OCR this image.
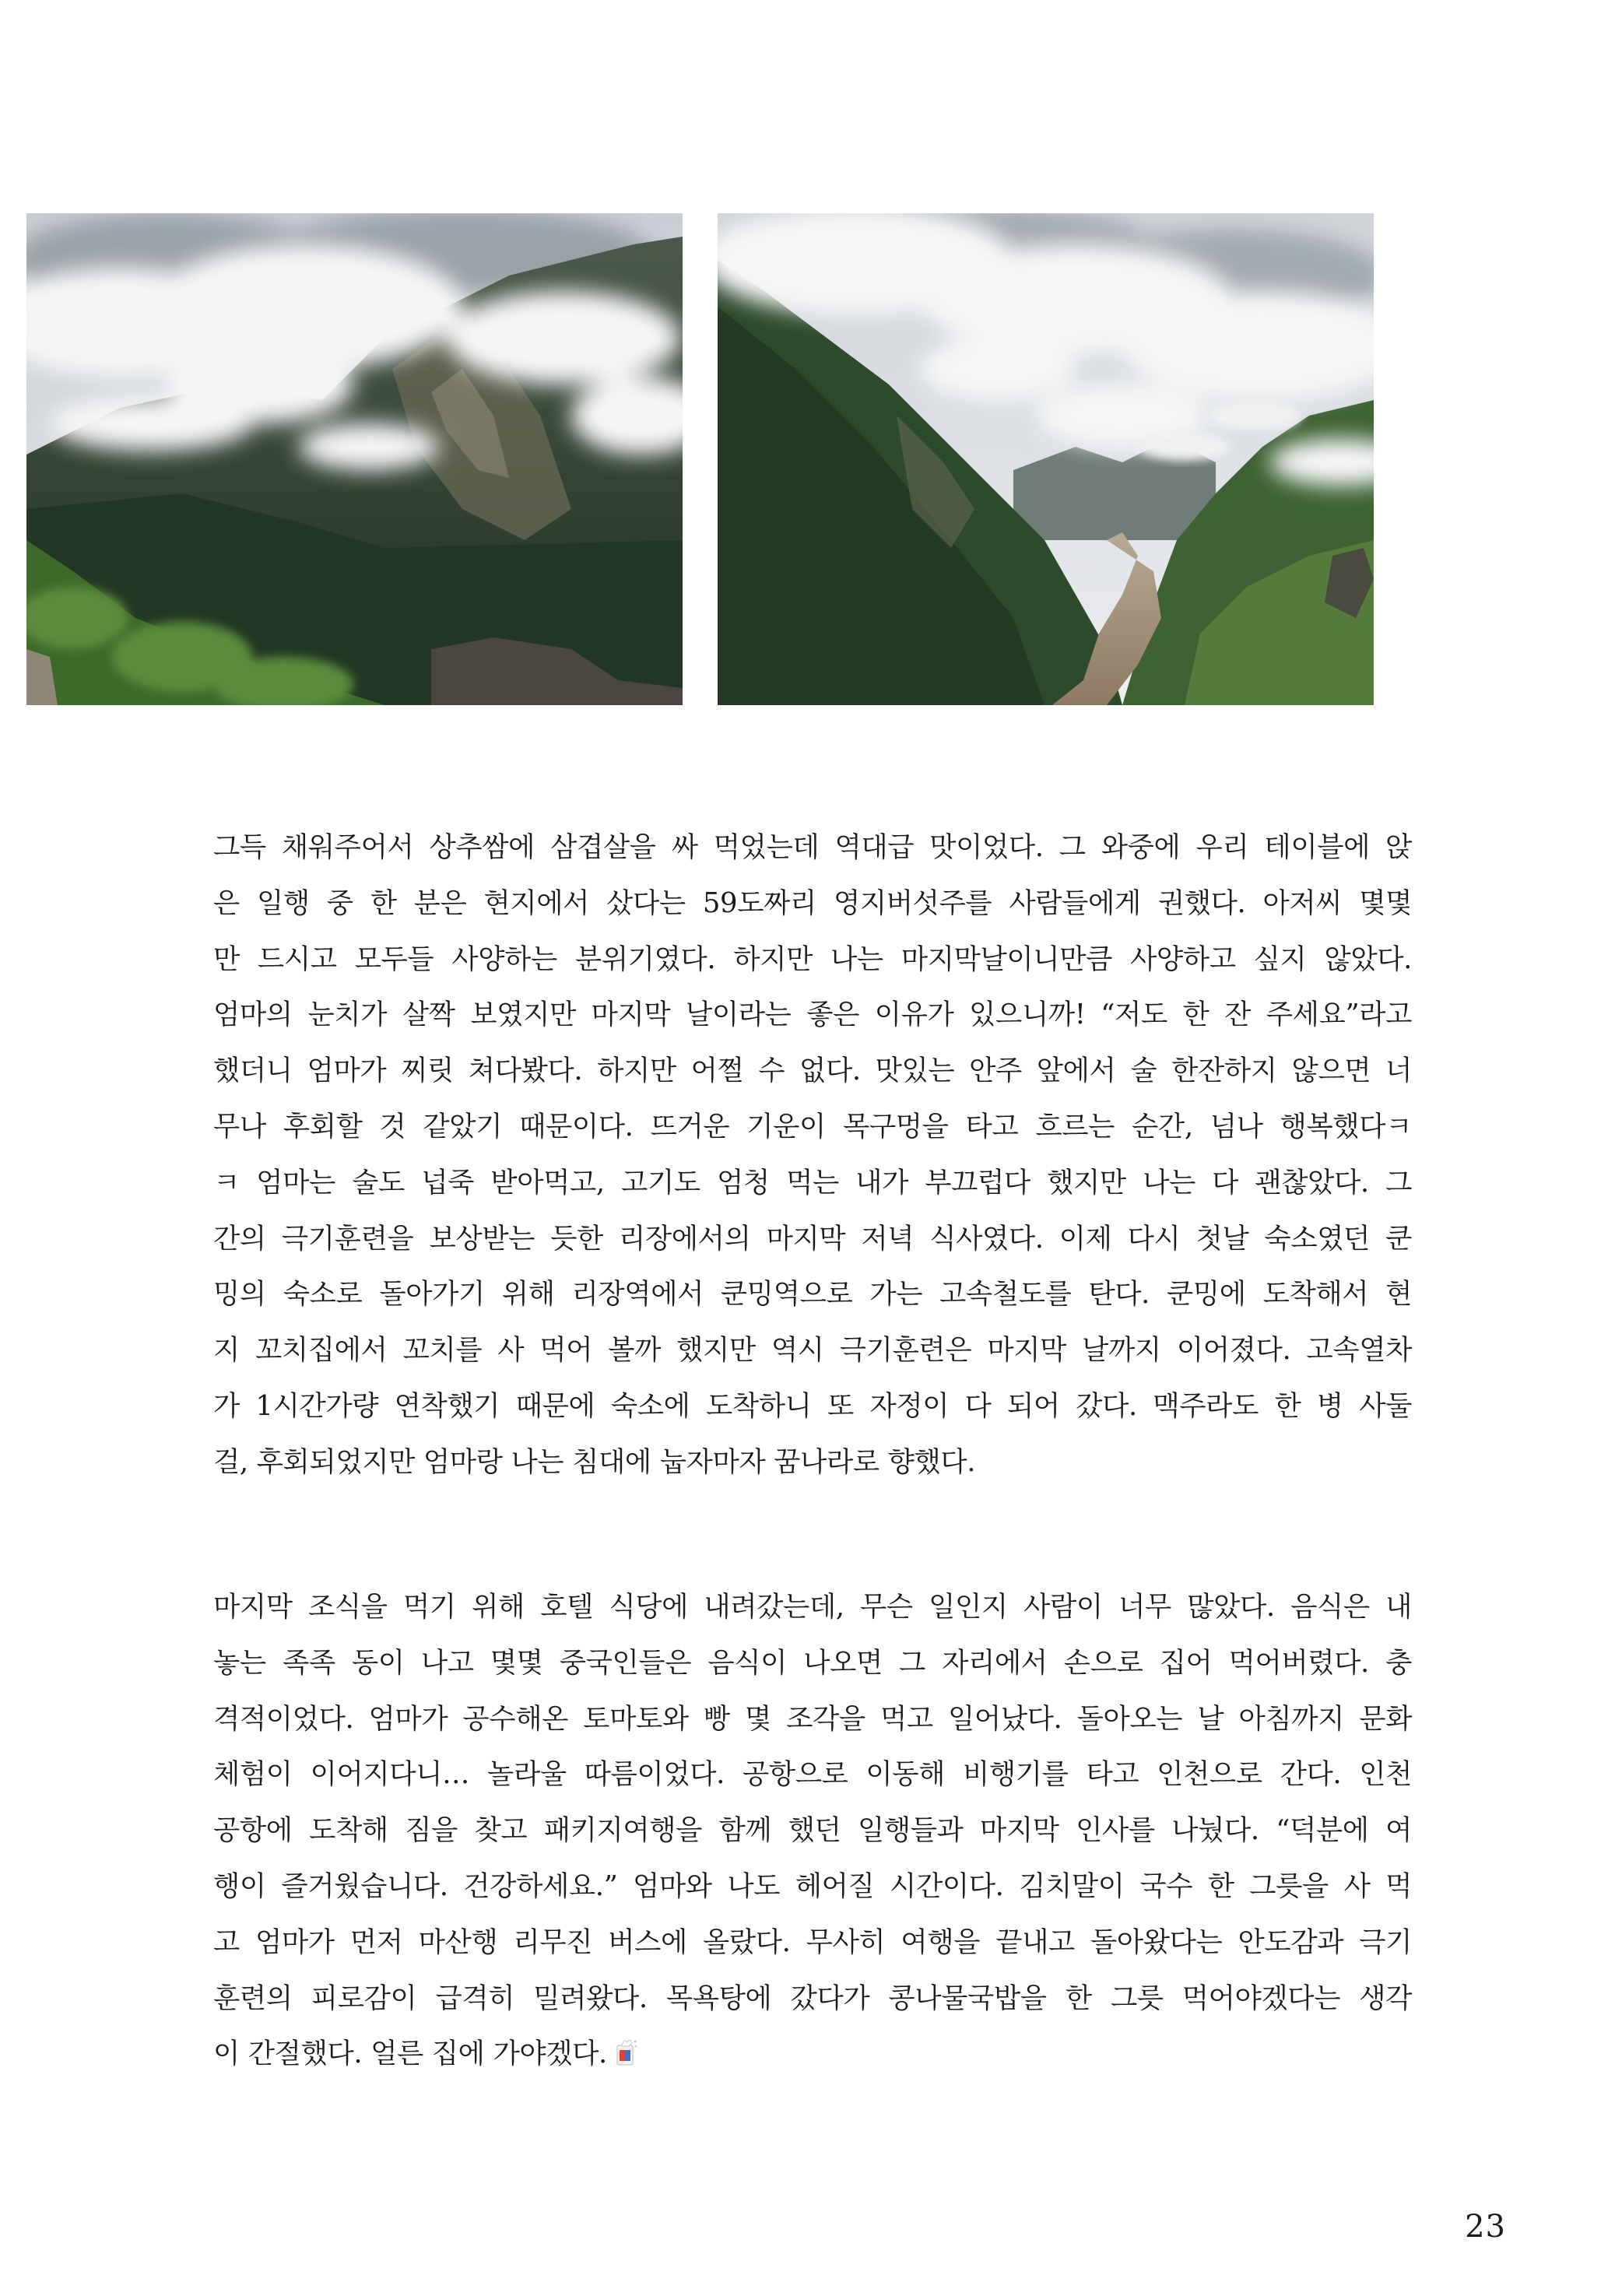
그득 채워주어서 상추쌈에 삼겹살을 싸 먹었는데 역대급 맛이었다. 그 와중에 우리 테이블에 앉
은 일행 중 한 분은 현지에서 샀다는 59도짜리 영지버섯주를 사람들에게 권했다. 아저씨 몇몇
만 드시고 모두들 사양하는 분위기였다. 하지만 나는 마지막날이니만큼 사양하고 싶지 않았다.
엄마의 눈치가 살짝 보였지만 마지막 날이라는 좋은 이유가 있으니까! “저도 한 잔 주세요”라고
했더니 엄마가 찌릿 쳐다봤다. 하지만 어쩔 수 없다. 맛있는 안주 앞에서 술 한잔하지 않으면 너
무나 후회할 것 같았기 때문이다. 뜨거운 기운이 목구멍을 타고 흐르는 순간, 넘나 행복했다ㅋ
ㅋ 엄마는 술도 넙죽 받아먹고, 고기도 엄청 먹는 내가 부끄럽다 했지만 나는 다 괜찮았다. 그
간의 극기훈련을 보상받는 듯한 리장에서의 마지막 저녁 식사였다. 이제 다시 첫날 숙소였던 쿤
밍의 숙소로 돌아가기 위해 리장역에서 쿤밍역으로 가는 고속철도를 탄다. 쿤밍에 도착해서 현
지 꼬치집에서 꼬치를 사 먹어 볼까 했지만 역시 극기훈련은 마지막 날까지 이어졌다. 고속열차
가 1시간가량 연착했기 때문에 숙소에 도착하니 또 자정이 다 되어 갔다. 맥주라도 한 병 사둘
걸, 후회되었지만 엄마랑 나는 침대에 눕자마자 꿈나라로 향했다.
마지막 조식을 먹기 위해 호텔 식당에 내려갔는데, 무슨 일인지 사람이 너무 많았다. 음식은 내
놓는 족족 동이 나고 몇몇 중국인들은 음식이 나오면 그 자리에서 손으로 집어 먹어버렸다. 충
격적이었다. 엄마가 공수해온 토마토와 빵 몇 조각을 먹고 일어났다. 돌아오는 날 아침까지 문화
체험이 이어지다니… 놀라울 따름이었다. 공항으로 이동해 비행기를 타고 인천으로 간다. 인천
공항에 도착해 짐을 찾고 패키지여행을 함께 했던 일행들과 마지막 인사를 나눴다. “덕분에 여
행이 즐거웠습니다. 건강하세요.” 엄마와 나도 헤어질 시간이다. 김치말이 국수 한 그릇을 사 먹
고 엄마가 먼저 마산행 리무진 버스에 올랐다. 무사히 여행을 끝내고 돌아왔다는 안도감과 극기
훈련의 피로감이 급격히 밀려왔다. 목욕탕에 갔다가 콩나물국밥을 한 그릇 먹어야겠다는 생각
이 간절했다. 얼른 집에 가야겠다.
23
